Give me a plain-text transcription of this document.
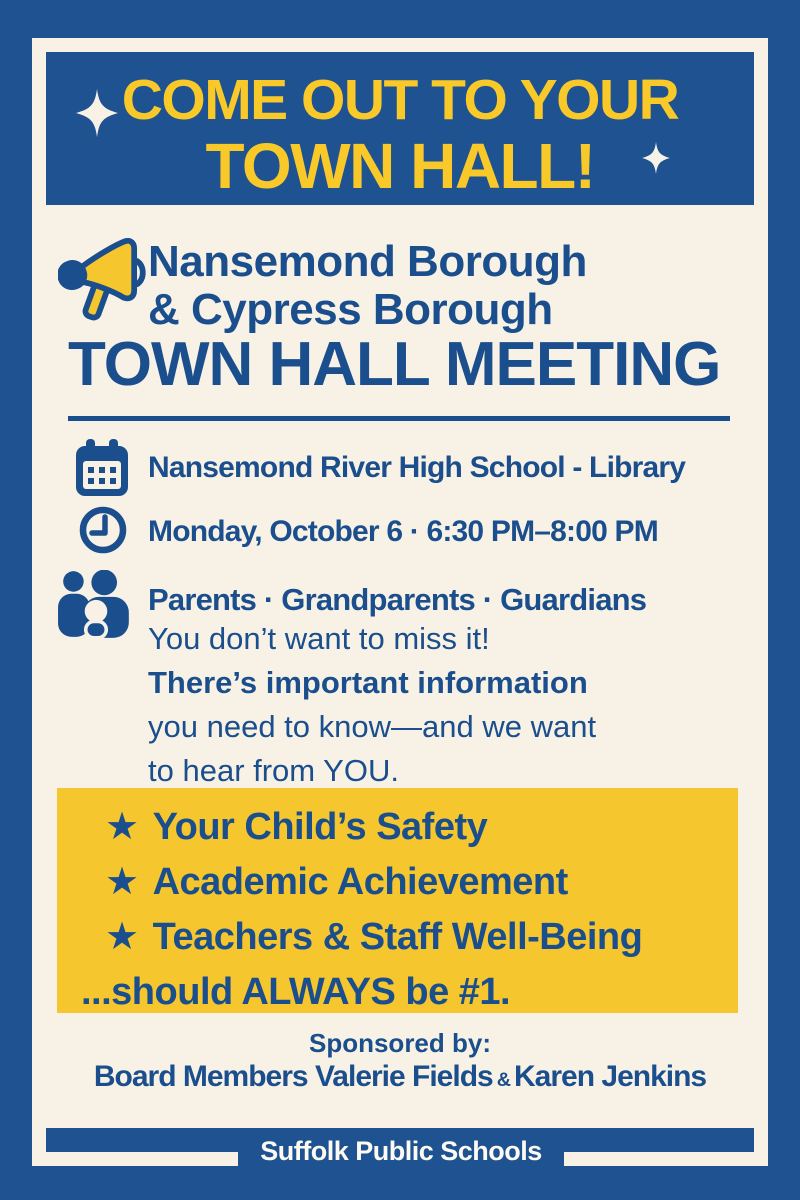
COME OUT TO YOUR
TOWN HALL!
Nansemond Borough
& Cypress Borough
TOWN HALL MEETING
Nansemond River High School - Library
Monday, October 6 · 6:30 PM–8:00 PM
Parents · Grandparents · Guardians
You don’t want to miss it!
There’s important information
you need to know—and we want
to hear from YOU.
★ Your Child’s Safety
★ Academic Achievement
★ Teachers & Staff Well-Being
...should ALWAYS be #1.
Sponsored by:
Board Members Valerie Fields & Karen Jenkins
Suffolk Public Schools
